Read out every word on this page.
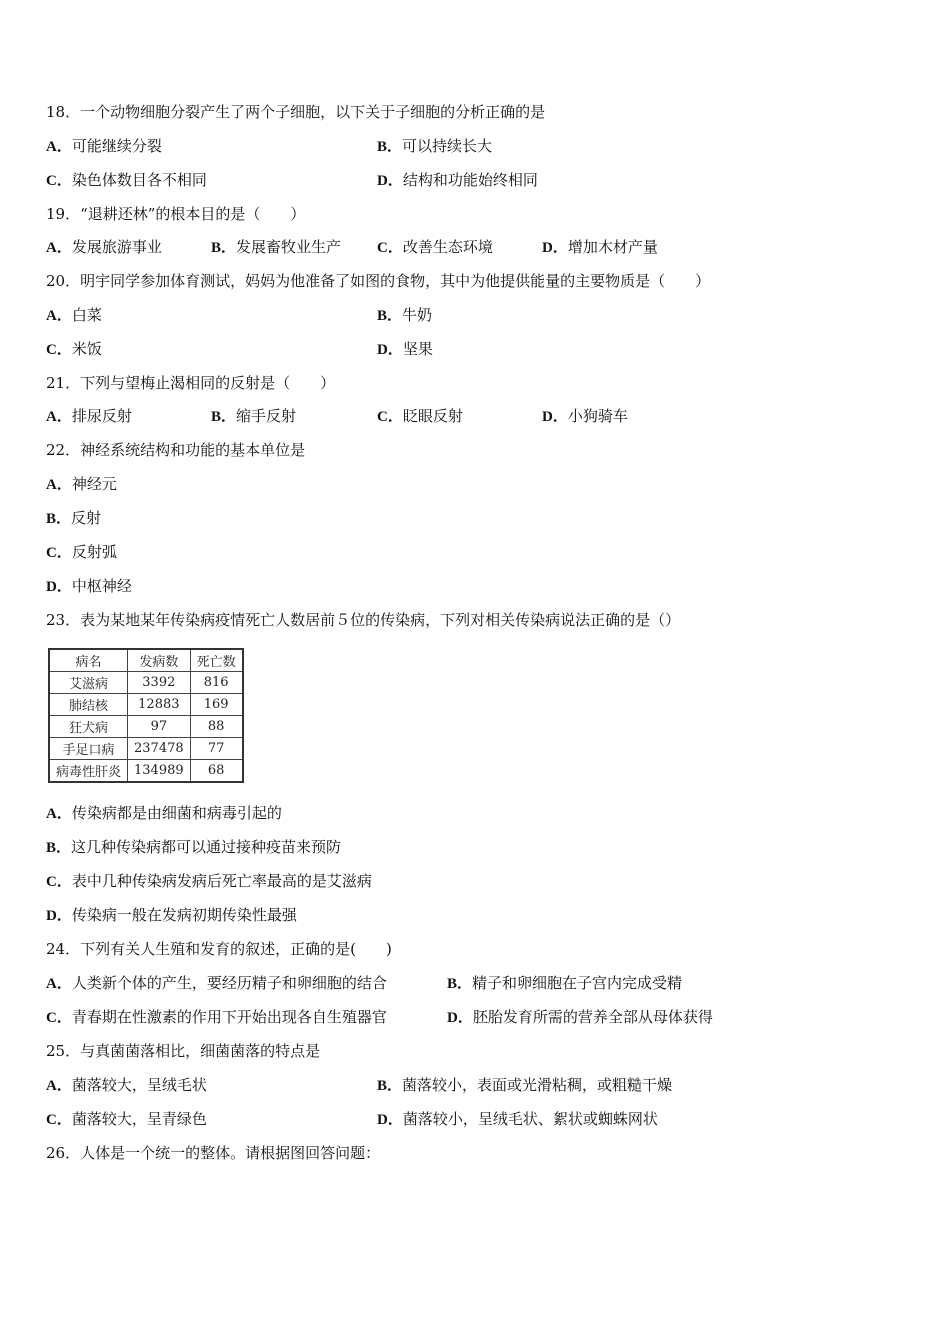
18．一个动物细胞分裂产生了两个子细胞，以下关于子细胞的分析正确的是
A．可能继续分裂	B．可以持续长大
C．染色体数目各不相同	D．结构和功能始终相同
19．“退耕还林”的根本目的是（　　）
A．发展旅游事业	B．发展畜牧业生产 C．改善生态环境	D．增加木材产量
20．明宇同学参加体育测试，妈妈为他准备了如图的食物，其中为他提供能量的主要物质是（　　）
A．白菜	B．牛奶
C．米饭	D．坚果
21．下列与望梅止渴相同的反射是（　　）
A．排尿反射	B．缩手反射	C．眨眼反射	D．小狗骑车
22．神经系统结构和功能的基本单位是
A．神经元
B．反射
C．反射弧
D．中枢神经
23．表为某地某年传染病疫情死亡人数居前５位的传染病，下列对相关传染病说法正确的是（）
病名	发病数	死亡数
艾滋病	3392	816
肺结核	12883	169
狂犬病	97	88
手足口病	237478	77
病毒性肝炎	134989	68
A．传染病都是由细菌和病毒引起的
B．这几种传染病都可以通过接种疫苗来预防
C．表中几种传染病发病后死亡率最高的是艾滋病
D．传染病一般在发病初期传染性最强
24．下列有关人生殖和发育的叙述，正确的是(　　)
A．人类新个体的产生，要经历精子和卵细胞的结合	B．精子和卵细胞在子宫内完成受精
C．青春期在性激素的作用下开始出现各自生殖器官	D．胚胎发育所需的营养全部从母体获得
25．与真菌菌落相比，细菌菌落的特点是
A．菌落较大，呈绒毛状	B．菌落较小，表面或光滑粘稠，或粗糙干燥
C．菌落较大，呈青绿色	D．菌落较小，呈绒毛状、絮状或蜘蛛网状
26．人体是一个统一的整体。请根据图回答问题：
